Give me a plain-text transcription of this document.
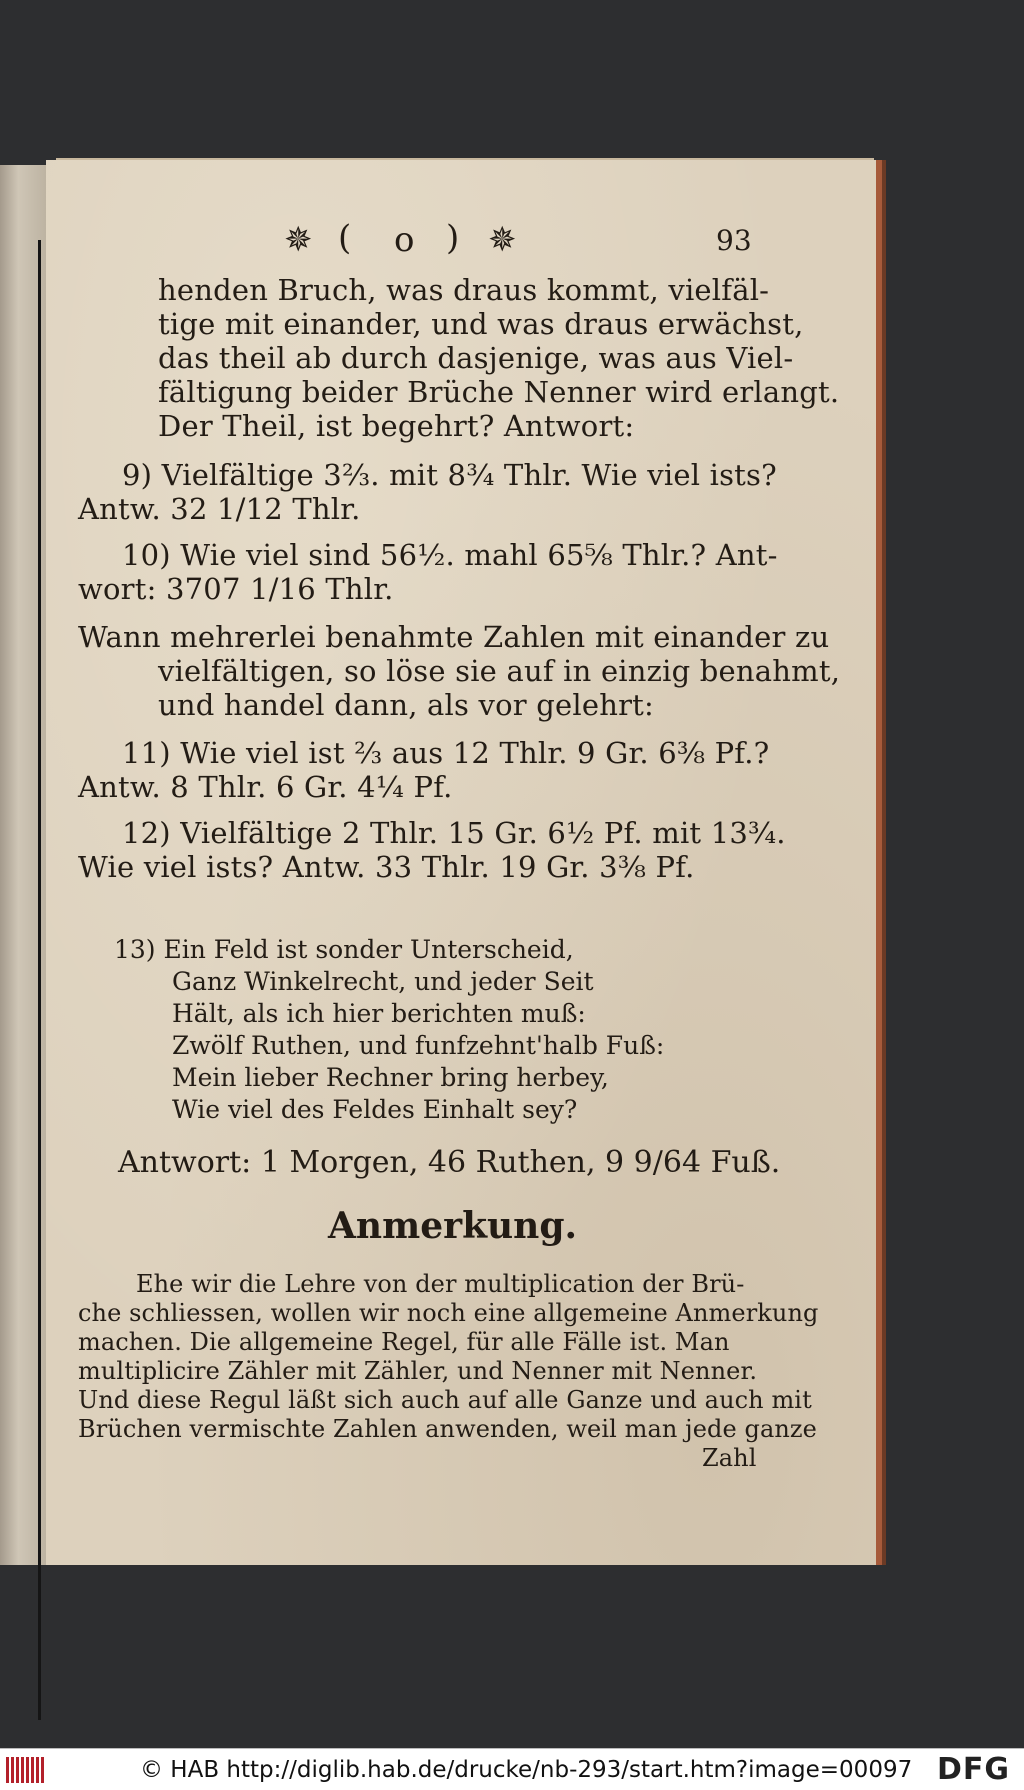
✵ ( o ) ✵	93
henden Bruch, was draus kommt, vielfäl-
tige mit einander, und was draus erwächst,
das theil ab durch dasjenige, was aus Viel-
fältigung beider Brüche Nenner wird erlangt.
Der Theil, ist begehrt? Antwort:
9) Vielfältige 3⅔. mit 8¾ Thlr. Wie viel ists?
Antw. 32 1/12 Thlr.
10) Wie viel sind 56½. mahl 65⅝ Thlr.? Ant-
wort: 3707 1/16 Thlr.
Wann mehrerlei benahmte Zahlen mit einander zu
vielfältigen, so löse sie auf in einzig benahmt,
und handel dann, als vor gelehrt:
11) Wie viel ist ⅔ aus 12 Thlr. 9 Gr. 6⅜ Pf.?
Antw. 8 Thlr. 6 Gr. 4¼ Pf.
12) Vielfältige 2 Thlr. 15 Gr. 6½ Pf. mit 13¾.
Wie viel ists? Antw. 33 Thlr. 19 Gr. 3⅜ Pf.
13) Ein Feld ist sonder Unterscheid,
Ganz Winkelrecht, und jeder Seit
Hält, als ich hier berichten muß:
Zwölf Ruthen, und funfzehnt'halb Fuß:
Mein lieber Rechner bring herbey,
Wie viel des Feldes Einhalt sey?
Antwort: 1 Morgen, 46 Ruthen, 9 9/64 Fuß.
Anmerkung.
Ehe wir die Lehre von der multiplication der Brü-
che schliessen, wollen wir noch eine allgemeine Anmerkung
machen. Die allgemeine Regel, für alle Fälle ist. Man
multiplicire Zähler mit Zähler, und Nenner mit Nenner.
Und diese Regul läßt sich auch auf alle Ganze und auch mit
Brüchen vermischte Zahlen anwenden, weil man jede ganze
Zahl
© HAB http://diglib.hab.de/drucke/nb-293/start.htm?image=00097 DFG
